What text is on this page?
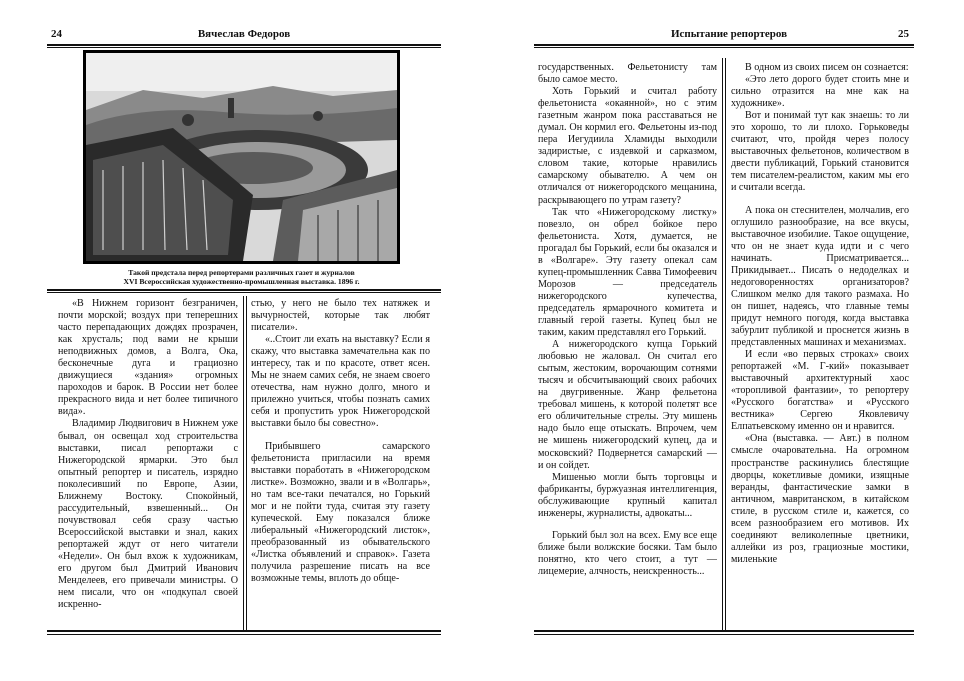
24	Вячеслав Федоров
Такой предстала перед репортерами различных газет и журналов
XVI Всероссийская художественно-промышленная выставка. 1896 г.

«В Нижнем горизонт безграничен, почти морской; воздух при теперешних часто перепадающих дождях прозрачен, как хрусталь; под вами не крыши неподвижных домов, а Волга, Ока, бесконечные дуга и грациозно движущиеся «здания» огромных пароходов и барок. В России нет более прекрасного вида и нет более типичного вида».

Владимир Людвигович в Нижнем уже бывал, он освещал ход строительства выставки, писал репортажи с Нижегородской ярмарки. Это был опытный репортер и писатель, изрядно поколесивший по Европе, Азии, Ближнему Востоку. Спокойный, рассудительный, взвешенный... Он почувствовал себя сразу частью Всероссийской выставки и знал, каких репортажей ждут от него читатели «Недели». Он был вхож к художникам, его другом был Дмитрий Иванович Менделеев, его привечали министры. О нем писали, что он «подкупал своей искренно-

стью, у него не было тех натяжек и вычурностей, которые так любят писатели».

«..Стоит ли ехать на выставку? Если я скажу, что выставка замечательна как по интересу, так и по красоте, ответ ясен. Мы не знаем самих себя, не знаем своего отечества, нам нужно долго, много и прилежно учиться, чтобы познать самих себя и пропустить урок Нижегородской выставки было бы совестно».

Прибывшего самарского фельетониста пригласили на время выставки поработать в «Нижегородском листке». Возможно, звали и в «Волгарь», но там все-таки печатался, но Горький мог и не пойти туда, считая эту газету купеческой. Ему показался ближе либеральный «Нижегородский листок», преобразованный из обывательского «Листка объявлений и справок». Газета получила разрешение писать на все возможные темы, вплоть до обще-

Испытание репортеров	25

государственных. Фельетонисту там было самое место.

Хоть Горький и считал работу фельетониста «окаянной», но с этим газетным жанром пока расставаться не думал. Он кормил его. Фельетоны из-под пера Иегудиила Хламиды выходили задиристые, с издевкой и сарказмом, словом такие, которые нравились самарскому обывателю. А чем он отличался от нижегородского мещанина, раскрывающего по утрам газету?

Так что «Нижегородскому листку» повезло, он обрел бойкое перо фельетониста. Хотя, думается, не прогадал бы Горький, если бы оказался и в «Волгаре». Эту газету опекал сам купец-промышленник Савва Тимофеевич Морозов — председатель нижегородского купечества, председатель ярмарочного комитета и главный герой газеты. Купец был не таким, каким представлял его Горький.

А нижегородского купца Горький любовью не жаловал. Он считал его сытым, жестоким, ворочающим сотнями тысяч и обсчитывающий своих рабочих на двугривенные. Жанр фельетона требовал мишень, к которой полетят все его обличительные стрелы. Эту мишень надо было еще отыскать. Впрочем, чем не мишень нижегородский купец, да и московский? Подвернется самарский — и он сойдет.

Мишенью могли быть торговцы и фабриканты, буржуазная интеллигенция, обслуживающие крупный капитал инженеры, журналисты, адвокаты...

Горький был зол на всех. Ему все еще ближе были волжские босяки. Там было понятно, кто чего стоит, а тут — лицемерие, алчность, неискренность...

В одном из своих писем он сознается:

«Это лето дорого будет стоить мне и сильно отразится на мне как на художнике».

Вот и понимай тут как знаешь: то ли это хорошо, то ли плохо. Горьковеды считают, что, пройдя через полосу выставочных фельетонов, количеством в двести публикаций, Горький становится тем писателем-реалистом, каким мы его и считали всегда.

А пока он стеснителен, молчалив, его оглушило разнообразие, на все вкусы, выставочное изобилие. Такое ощущение, что он не знает куда идти и с чего начинать. Присматривается... Прикидывает... Писать о недоделках и недоговоренностях организаторов? Слишком мелко для такого размаха. Но он пишет, надеясь, что главные темы придут немного погодя, когда выставка забурлит публикой и проснется жизнь в представленных машинах и механизмах.

И если «во первых строках» своих репортажей «М. Г-кий» показывает выставочный архитектурный хаос «торопливой фантазии», то репортеру «Русского богатства» и «Русского вестника» Сергею Яковлевичу Елпатьевскому именно он и нравится.

«Она (выставка. — Авт.) в полном смысле очаровательна. На огромном пространстве раскинулись блестящие дворцы, кокетливые домики, изящные веранды, фантастические замки в античном, мавританском, в китайском стиле, в русском стиле и, кажется, со всем разнообразием его мотивов. Их соединяют великолепные цветники, аллейки из роз, грациозные мостики, миленькие
